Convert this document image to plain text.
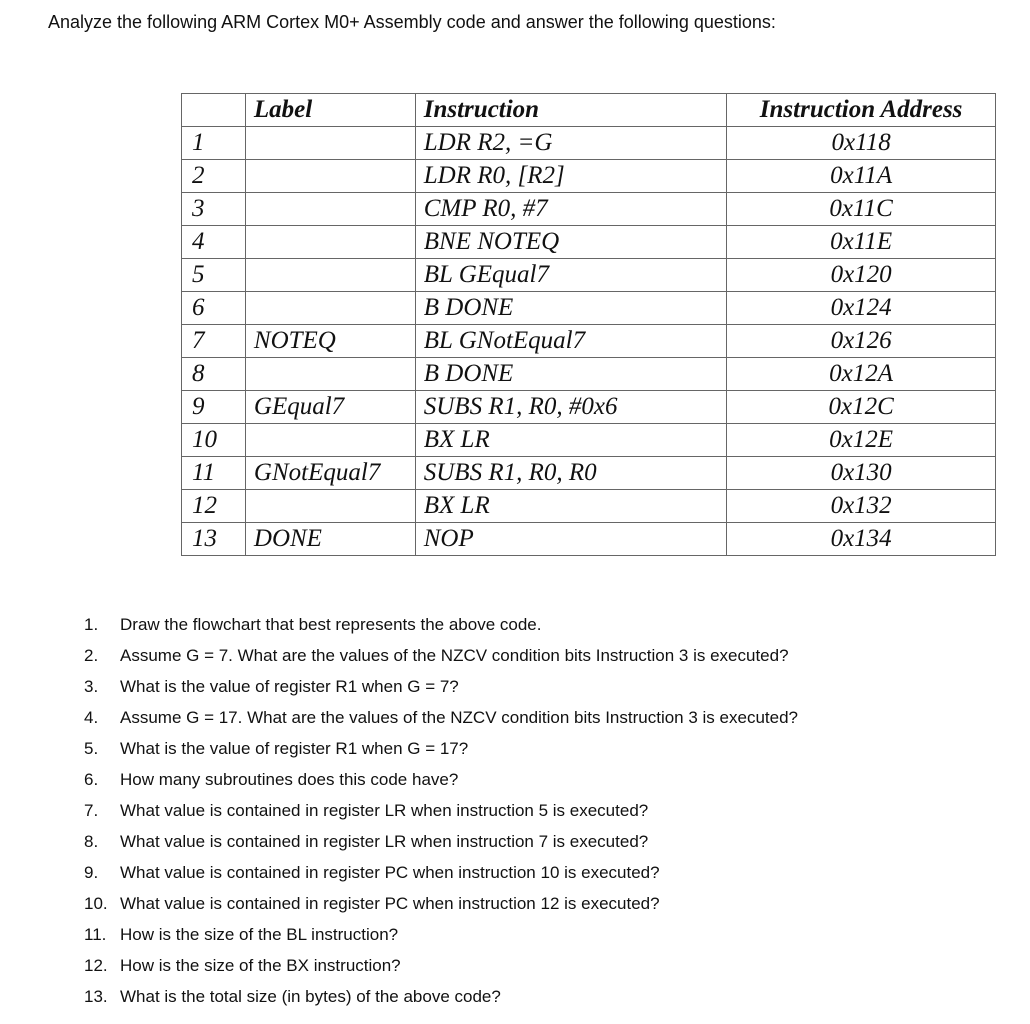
Analyze the following ARM Cortex M0+ Assembly code and answer the following questions:
	Label	Instruction	Instruction Address
1		LDR R2, =G	0x118
2		LDR R0, [R2]	0x11A
3		CMP R0, #7	0x11C
4		BNE NOTEQ	0x11E
5		BL GEqual7	0x120
6		B DONE	0x124
7	NOTEQ	BL GNotEqual7	0x126
8		B DONE	0x12A
9	GEqual7	SUBS R1, R0, #0x6	0x12C
10		BX LR	0x12E
11	GNotEqual7	SUBS R1, R0, R0	0x130
12		BX LR	0x132
13	DONE	NOP	0x134
1. Draw the flowchart that best represents the above code.
2. Assume G = 7. What are the values of the NZCV condition bits Instruction 3 is executed?
3. What is the value of register R1 when G = 7?
4. Assume G = 17. What are the values of the NZCV condition bits Instruction 3 is executed?
5. What is the value of register R1 when G = 17?
6. How many subroutines does this code have?
7. What value is contained in register LR when instruction 5 is executed?
8. What value is contained in register LR when instruction 7 is executed?
9. What value is contained in register PC when instruction 10 is executed?
10. What value is contained in register PC when instruction 12 is executed?
11. How is the size of the BL instruction?
12. How is the size of the BX instruction?
13. What is the total size (in bytes) of the above code?
